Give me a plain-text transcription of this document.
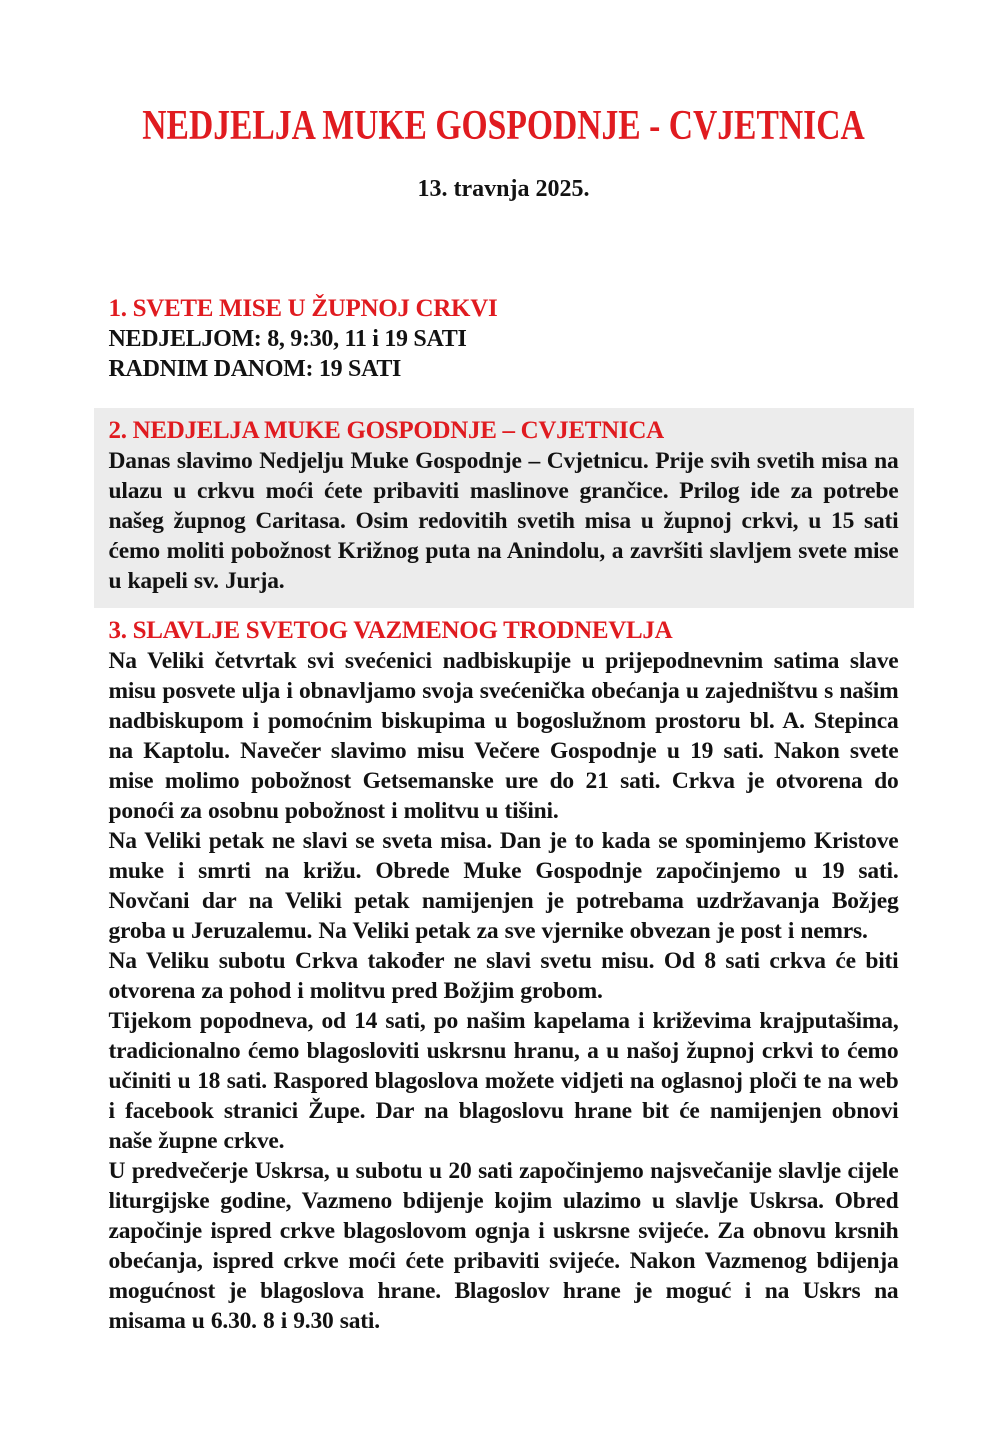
NEDJELJA MUKE GOSPODNJE - CVJETNICA
13. travnja 2025.
1. SVETE MISE U ŽUPNOJ CRKVI

NEDJELJOM: 8, 9:30, 11 i 19 SATI

RADNIM DANOM: 19 SATI

2. NEDJELJA MUKE GOSPODNJE – CVJETNICA

Danas slavimo Nedjelju Muke Gospodnje – Cvjetnicu. Prije svih svetih misa na ulazu u crkvu moći ćete pribaviti maslinove grančice. Prilog ide za potrebe našeg župnog Caritasa. Osim redovitih svetih misa u župnoj crkvi, u 15 sati ćemo moliti pobožnost Križnog puta na Anindolu, a završiti slavljem svete mise u kapeli sv. Jurja.

3. SLAVLJE SVETOG VAZMENOG TRODNEVLJA

Na Veliki četvrtak svi svećenici nadbiskupije u prijepodnevnim satima slave misu posvete ulja i obnavljamo svoja svećenička obećanja u zajedništvu s našim nadbiskupom i pomoćnim biskupima u bogoslužnom prostoru bl. A. Stepinca na Kaptolu. Navečer slavimo misu Večere Gospodnje u 19 sati. Nakon svete mise molimo pobožnost Getsemanske ure do 21 sati. Crkva je otvorena do ponoći za osobnu pobožnost i molitvu u tišini.

Na Veliki petak ne slavi se sveta misa. Dan je to kada se spominjemo Kristove muke i smrti na križu. Obrede Muke Gospodnje započinjemo u 19 sati. Novčani dar na Veliki petak namijenjen je potrebama uzdržavanja Božjeg groba u Jeruzalemu. Na Veliki petak za sve vjernike obvezan je post i nemrs.

Na Veliku subotu Crkva također ne slavi svetu misu. Od 8 sati crkva će biti otvorena za pohod i molitvu pred Božjim grobom.

Tijekom popodneva, od 14 sati, po našim kapelama i križevima krajputašima, tradicionalno ćemo blagosloviti uskrsnu hranu, a u našoj župnoj crkvi to ćemo učiniti u 18 sati. Raspored blagoslova možete vidjeti na oglasnoj ploči te na web i facebook stranici Župe. Dar na blagoslovu hrane bit će namijenjen obnovi naše župne crkve.

U predvečerje Uskrsa, u subotu u 20 sati započinjemo najsvečanije slavlje cijele liturgijske godine, Vazmeno bdijenje kojim ulazimo u slavlje Uskrsa. Obred započinje ispred crkve blagoslovom ognja i uskrsne svijeće. Za obnovu krsnih obećanja, ispred crkve moći ćete pribaviti svijeće. Nakon Vazmenog bdijenja mogućnost je blagoslova hrane. Blagoslov hrane je moguć i na Uskrs na misama u 6.30. 8 i 9.30 sati.
